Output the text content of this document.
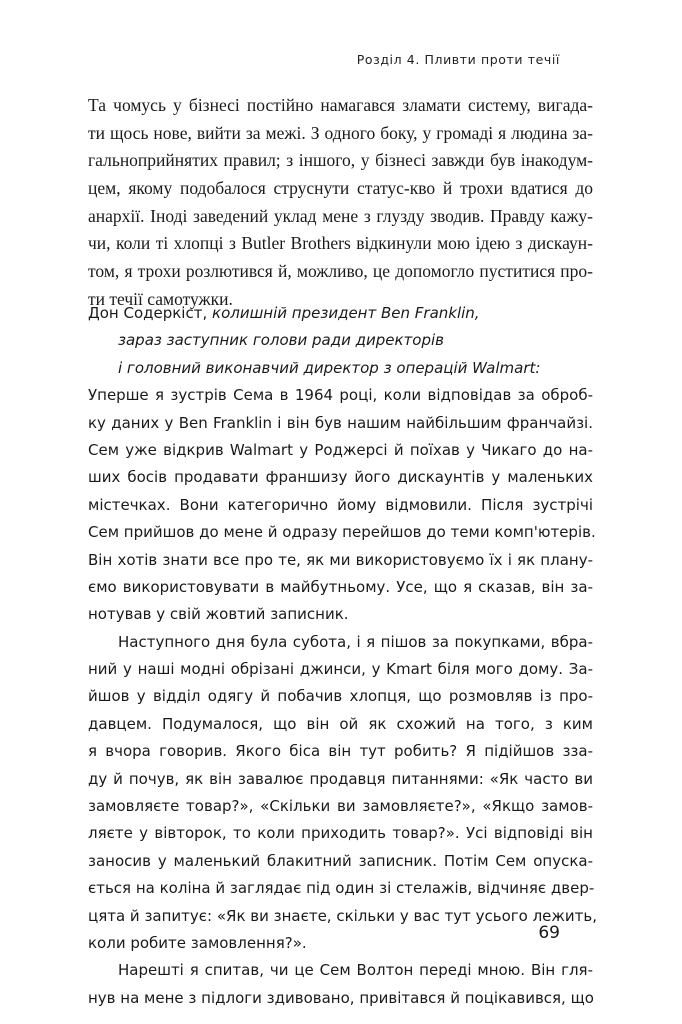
Розділ 4. Пливти проти течії
Та чомусь у бізнесі постійно намагався зламати систему, вигада-
ти щось нове, вийти за межі. З одного боку, у громаді я людина за-
гальноприйнятих правил; з іншого, у бізнесі завжди був інакодум-
цем, якому подобалося струснути статус-кво й трохи вдатися до
анархії. Іноді заведений уклад мене з глузду зводив. Правду кажу-
чи, коли ті хлопці з Butler Brothers відкинули мою ідею з дискаун-
том, я трохи розлютився й, можливо, це допомогло пуститися про-
ти течії самотужки.
Дон Содеркіст, колишній президент Ben Franklin,
зараз заступник голови ради директорів
і головний виконавчий директор з операцій Walmart:
Уперше я зустрів Сема в 1964 році, коли відповідав за оброб-
ку даних у Ben Franklin і він був нашим найбільшим франчайзі.
Сем уже відкрив Walmart у Роджерсі й поїхав у Чикаго до на-
ших босів продавати франшизу його дискаунтів у маленьких
містечках. Вони категорично йому відмовили. Після зустрічі
Сем прийшов до мене й одразу перейшов до теми комп'ютерів.
Він хотів знати все про те, як ми використовуємо їх і як плану-
ємо використовувати в майбутньому. Усе, що я сказав, він за-
нотував у свій жовтий записник.
Наступного дня була субота, і я пішов за покупками, вбра-
ний у наші модні обрізані джинси, у Kmart біля мого дому. За-
йшов у відділ одягу й побачив хлопця, що розмовляв із про-
давцем. Подумалося, що він ой як схожий на того, з ким
я вчора говорив. Якого біса він тут робить? Я підійшов зза-
ду й почув, як він завалює продавця питаннями: «Як часто ви
замовляєте товар?», «Скільки ви замовляєте?», «Якщо замов-
ляєте у вівторок, то коли приходить товар?». Усі відповіді він
заносив у маленький блакитний записник. Потім Сем опуска-
ється на коліна й заглядає під один зі стелажів, відчиняє двер-
цята й запитує: «Як ви знаєте, скільки у вас тут усього лежить,
коли робите замовлення?».
Нарешті я спитав, чи це Сем Волтон переді мною. Він гля-
нув на мене з підлоги здивовано, привітався й поцікавився, що
69
